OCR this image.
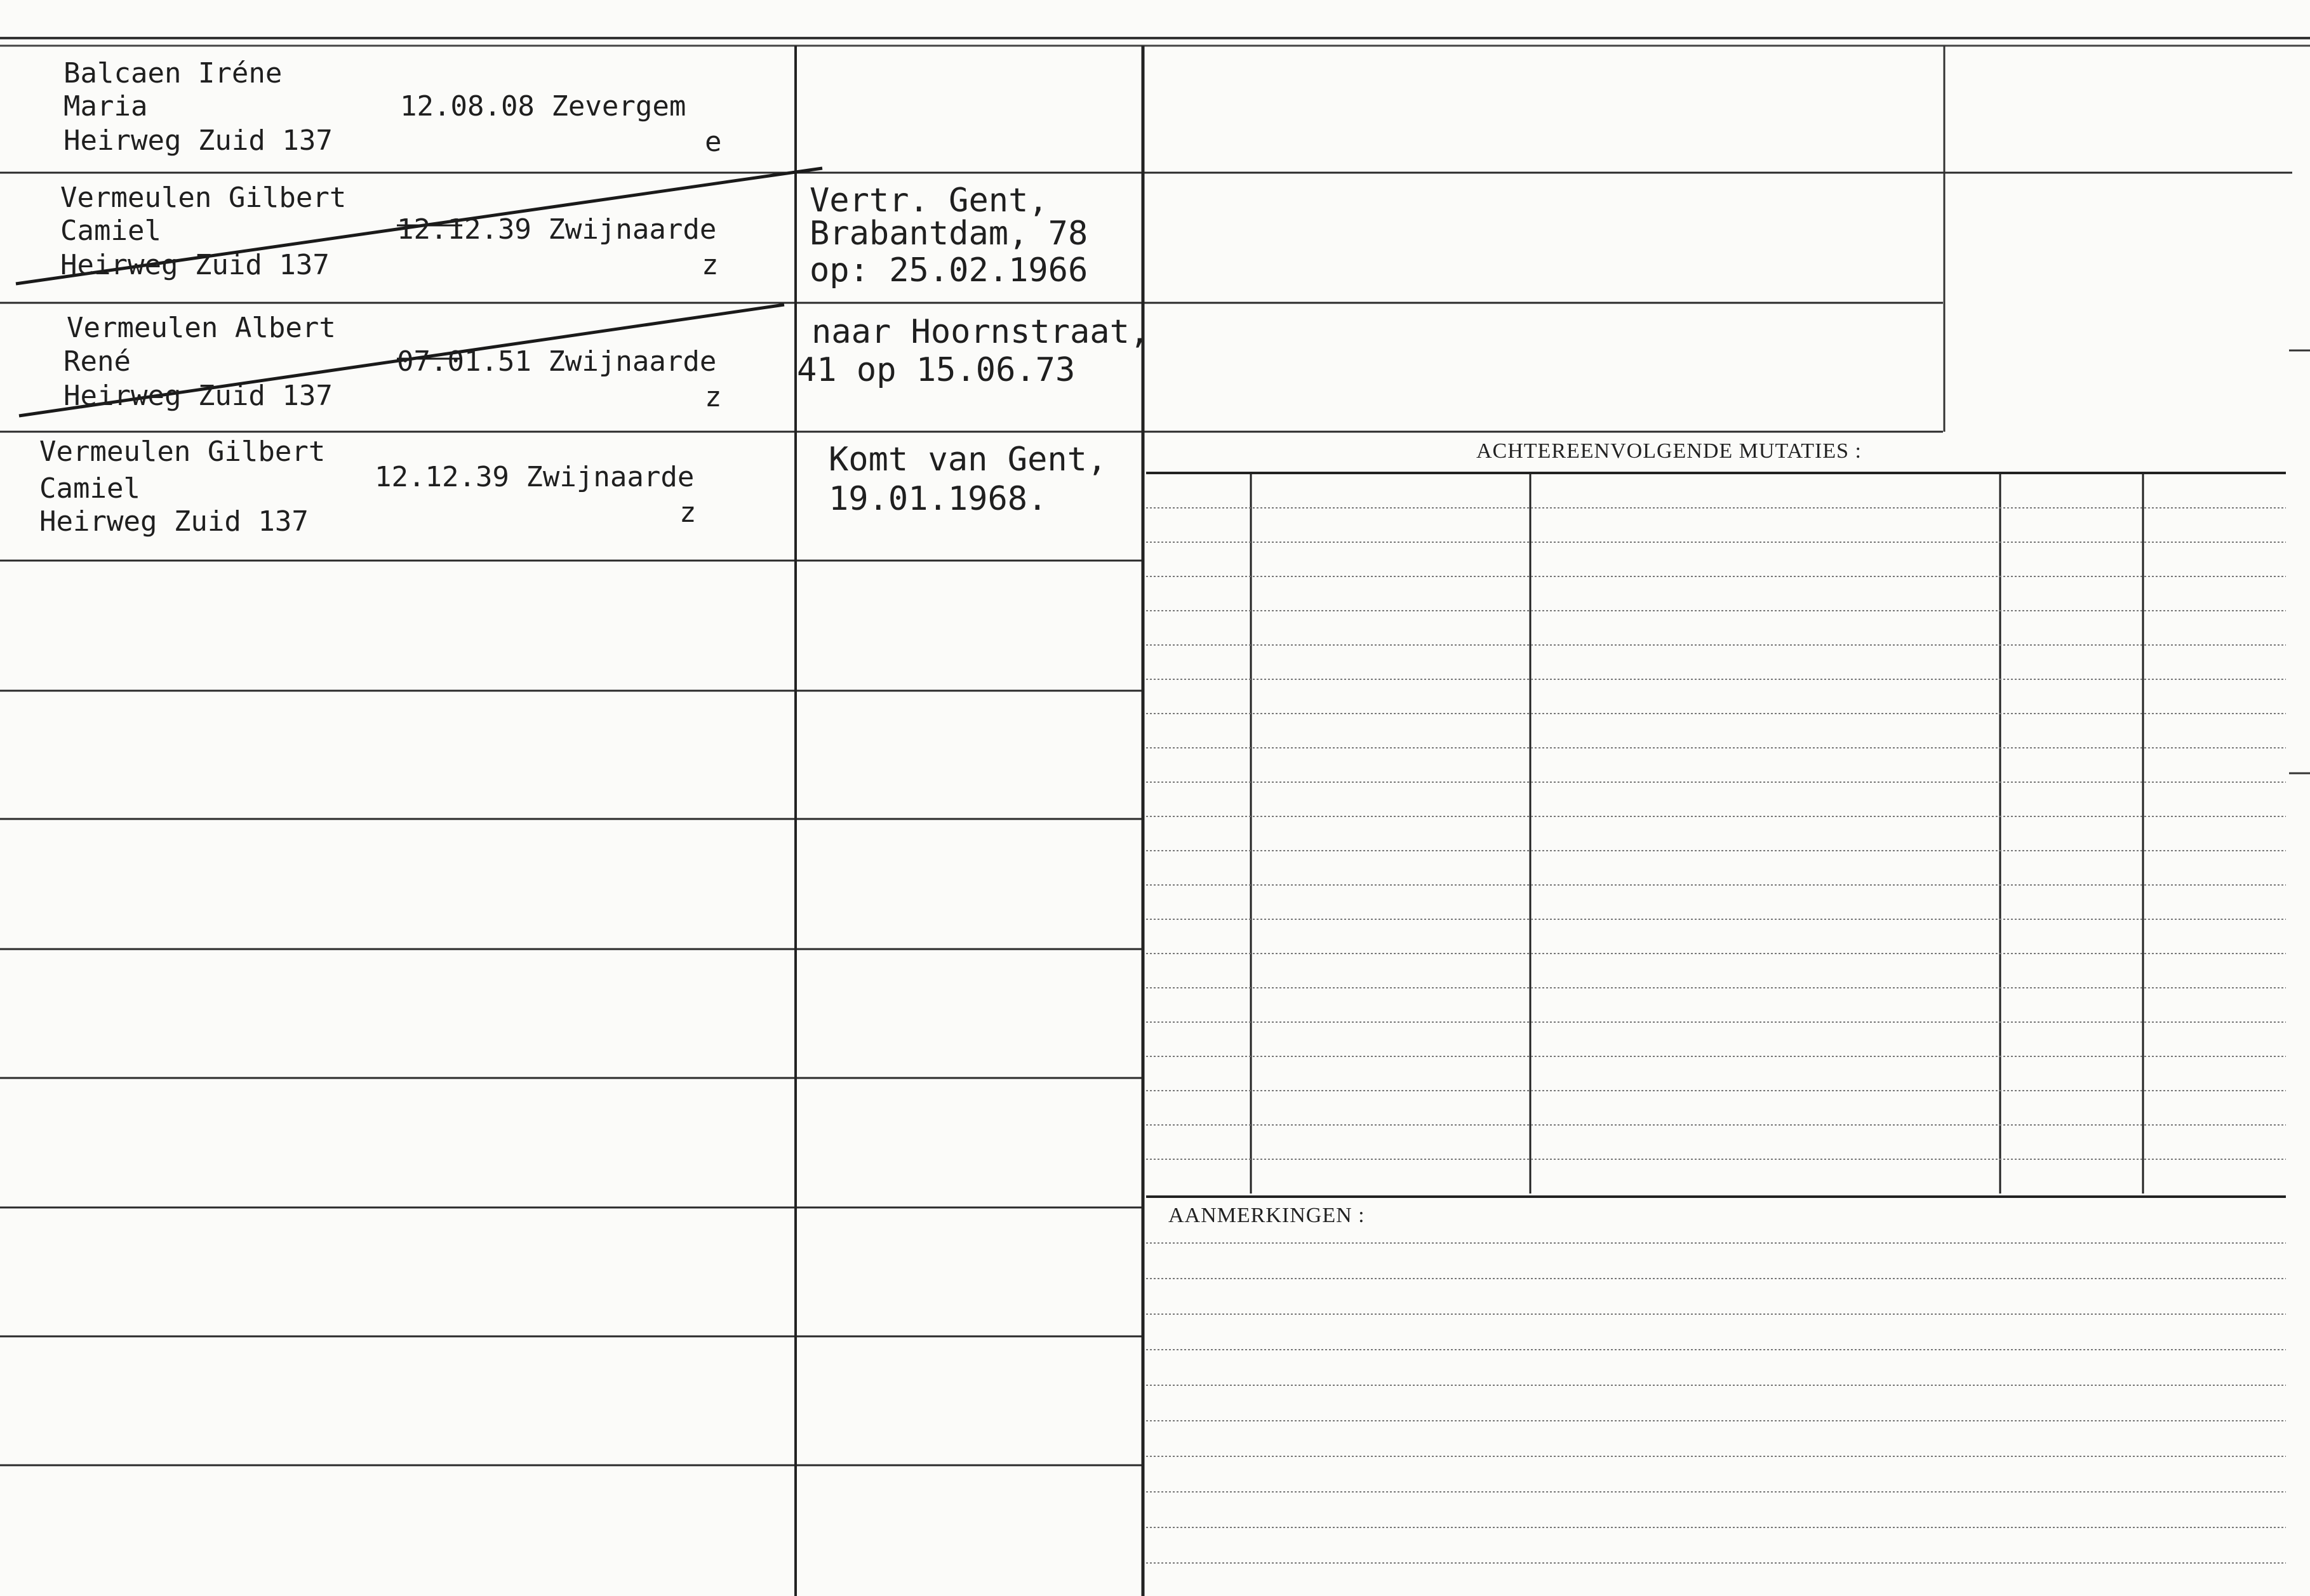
Balcaen Iréne
Maria
Heirweg Zuid 137
12.08.08 Zevergem
e
Vermeulen Gilbert
Camiel
Heirweg Zuid 137
12.12.39 Zwijnaarde
z
Vertr. Gent,
Brabantdam, 78
op: 25.02.1966
Vermeulen Albert
René
Heirweg Zuid 137
07.01.51 Zwijnaarde
z
naar Hoornstraat,
41 op 15.06.73
Vermeulen Gilbert
Camiel
Heirweg Zuid 137
12.12.39 Zwijnaarde
z
Komt van Gent,
19.01.1968.
ACHTEREENVOLGENDE MUTATIES :
AANMERKINGEN :
